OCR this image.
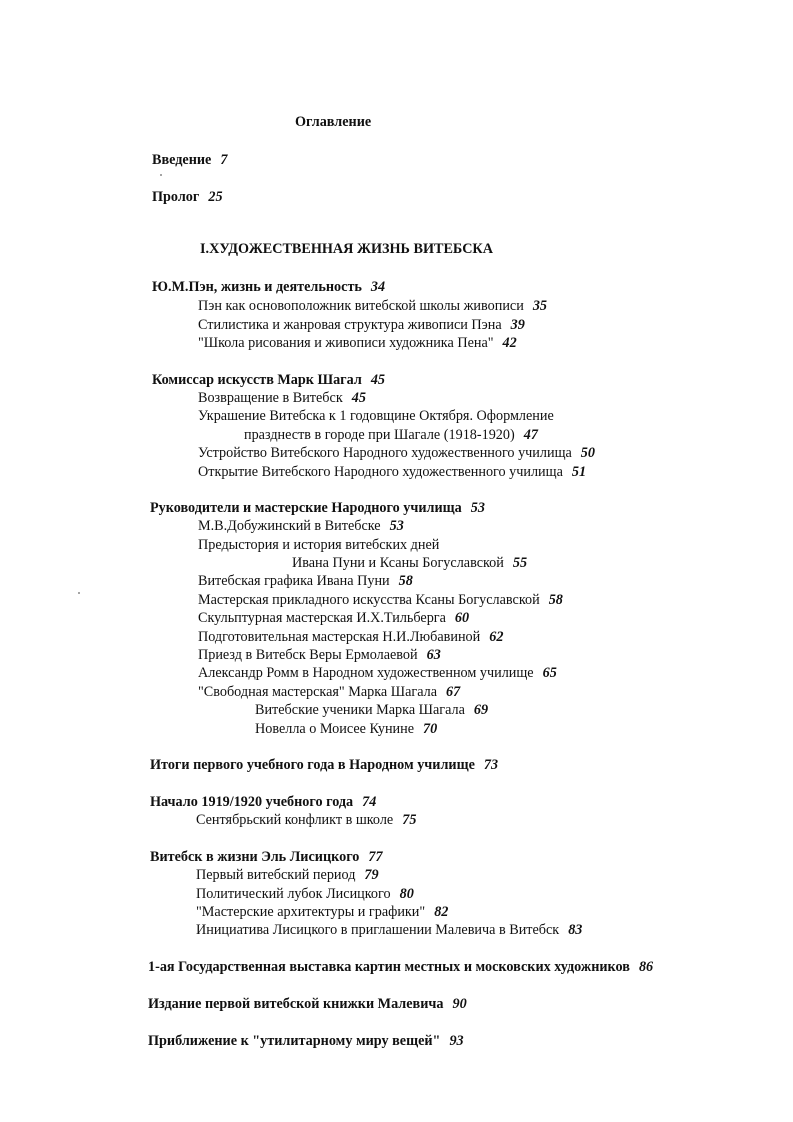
Оглавление
I.ХУДОЖЕСТВЕННАЯ ЖИЗНЬ ВИТЕБСКА
Введение 7
Пролог 25
Ю.М.Пэн, жизнь и деятельность 34
Пэн как основоположник витебской школы живописи 35
Стилистика и жанровая структура живописи Пэна 39
"Школа рисования и живописи художника Пена" 42
Комиссар искусств Марк Шагал 45
Возвращение в Витебск 45
Украшение Витебска к 1 годовщине Октября. Оформление
празднеств в городе при Шагале (1918-1920) 47
Устройство Витебского Народного художественного училища 50
Открытие Витебского Народного художественного училища 51
Руководители и мастерские Народного училища 53
М.В.Добужинский в Витебске 53
Предыстория и история витебских дней
Ивана Пуни и Ксаны Богуславской 55
Витебская графика Ивана Пуни 58
Мастерская прикладного искусства Ксаны Богуславской 58
Скульптурная мастерская И.Х.Тильберга 60
Подготовительная мастерская Н.И.Любавиной 62
Приезд в Витебск Веры Ермолаевой 63
Александр Ромм в Народном художественном училище 65
"Свободная мастерская" Марка Шагала 67
Витебские ученики Марка Шагала 69
Новелла о Моисее Кунине 70
Итоги первого учебного года в Народном училище 73
Начало 1919/1920 учебного года 74
Сентябрьский конфликт в школе 75
Витебск в жизни Эль Лисицкого 77
Первый витебский период 79
Политический лубок Лисицкого 80
"Мастерские архитектуры и графики" 82
Инициатива Лисицкого в приглашении Малевича в Витебск 83
1-ая Государственная выставка картин местных и московских художников 86
Издание первой витебской книжки Малевича 90
Приближение к "утилитарному миру вещей" 93
